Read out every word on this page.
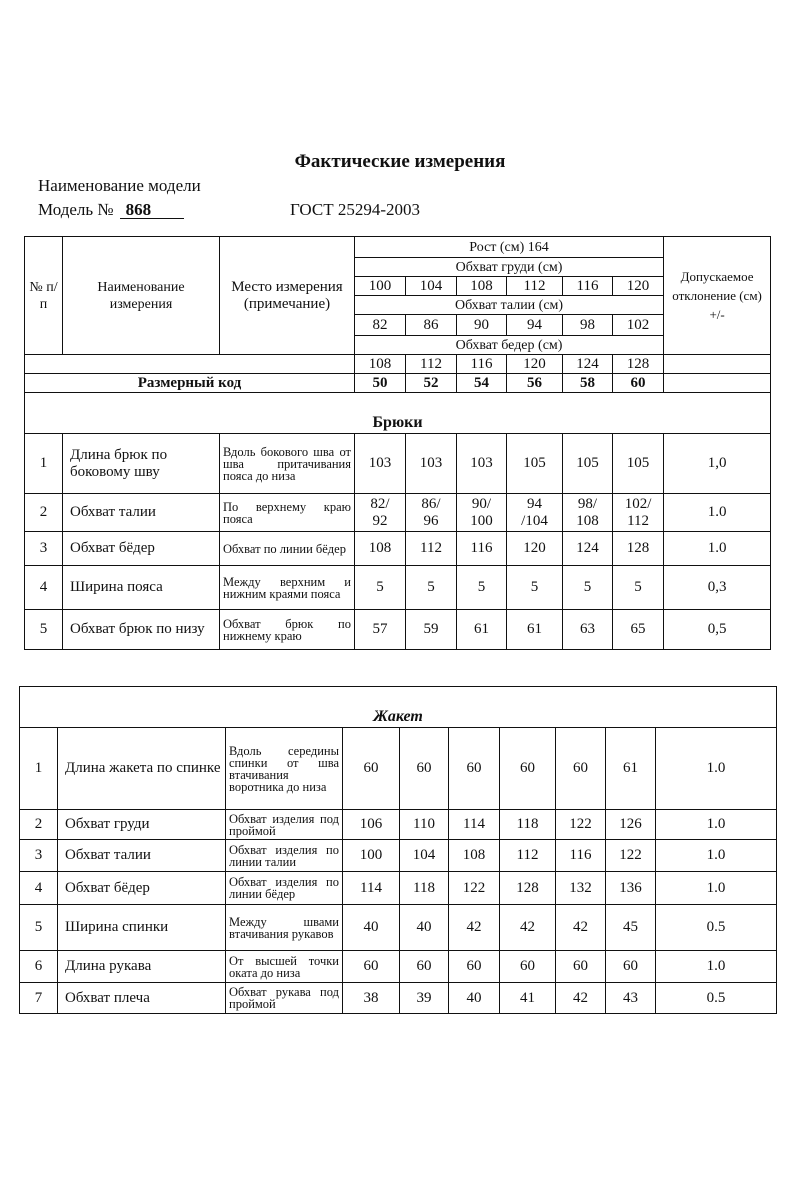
Фактические измерения
Наименование модели
Модель № 868	ГОСТ 25294-2003
№ п/п	Наименование измерения	Место измерения (примечание)	Рост (см) 164						Допускаемое отклонение (см) +/-
			Обхват груди (см)						
			100	104	108	112	116	120	
			Обхват талии (см)						
			82	86	90	94	98	102	
			Обхват бедер (см)						
			108	112	116	120	124	128	
Размерный код			50	52	54	56	58	60	
Брюки									
1	Длина брюк по боковому шву	Вдоль бокового шва от шва притачивания пояса до низа	103	103	103	105	105	105	1,0
2	Обхват талии	По верхнему краю пояса	82/ 92	86/ 96	90/ 100	94 /104	98/ 108	102/ 112	1.0
3	Обхват бёдер	Обхват по линии бёдер	108	112	116	120	124	128	1.0
4	Ширина пояса	Между верхним и нижним краями пояса	5	5	5	5	5	5	0,3
5	Обхват брюк по низу	Обхват брюк по нижнему краю	57	59	61	61	63	65	0,5
Жакет									
1	Длина жакета по спинке	Вдоль середины спинки от шва втачивания воротника до низа	60	60	60	60	60	61	1.0
2	Обхват груди	Обхват изделия под проймой	106	110	114	118	122	126	1.0
3	Обхват талии	Обхват изделия по линии талии	100	104	108	112	116	122	1.0
4	Обхват бёдер	Обхват изделия по линии бёдер	114	118	122	128	132	136	1.0
5	Ширина спинки	Между швами втачивания рукавов	40	40	42	42	42	45	0.5
6	Длина рукава	От высшей точки оката до низа	60	60	60	60	60	60	1.0
7	Обхват плеча	Обхват рукава под проймой	38	39	40	41	42	43	0.5
